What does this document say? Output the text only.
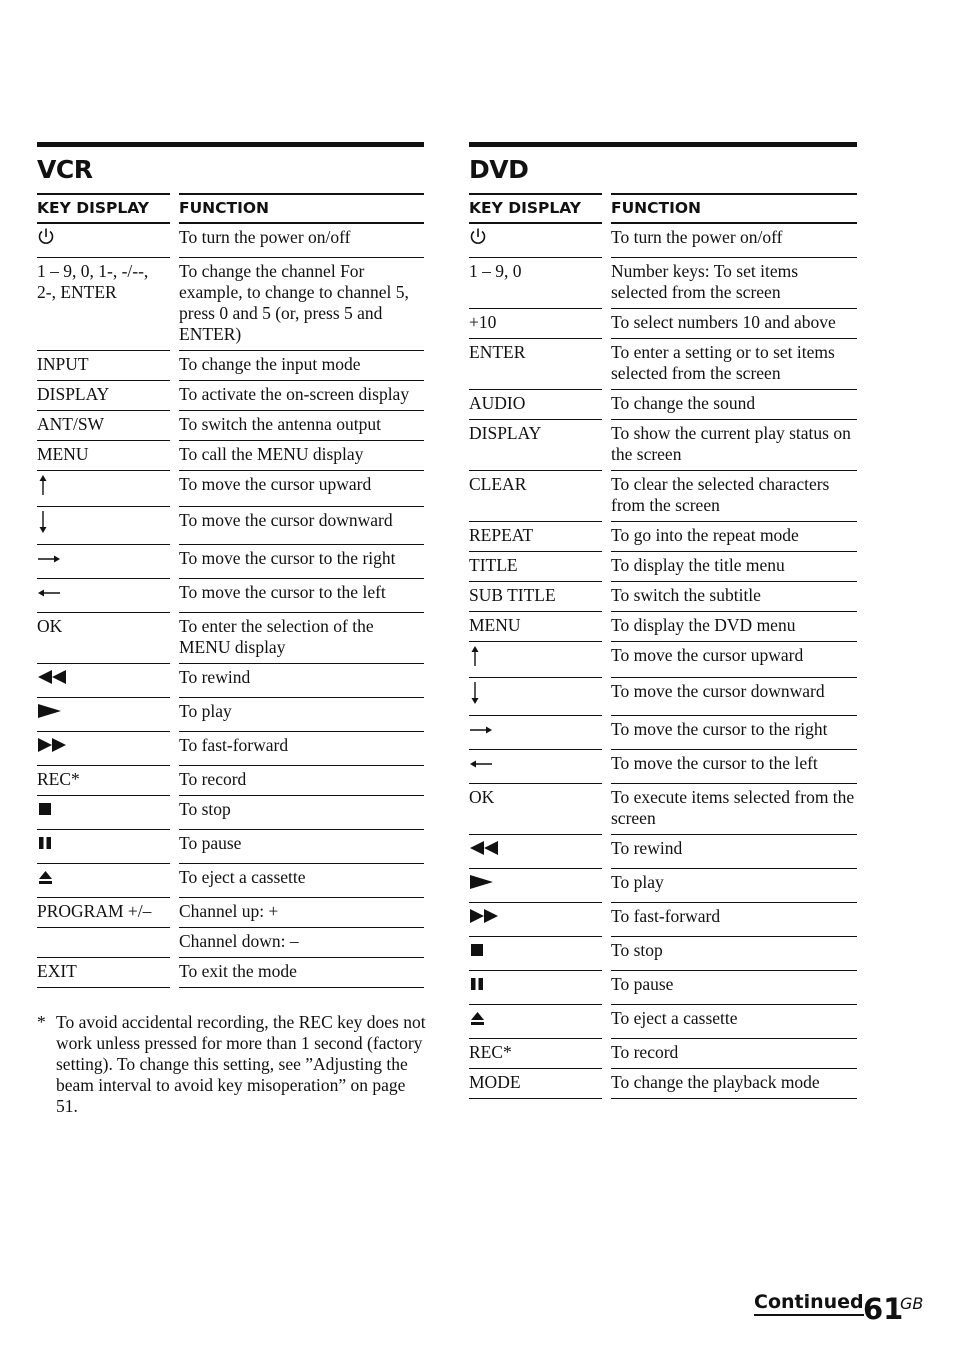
VCR
KEY DISPLAY		FUNCTION
		To turn the power on/off
1 – 9, 0, 1-, -/--, 2-, ENTER		To change the channel For example, to change to channel 5, press 0 and 5 (or, press 5 and ENTER)
INPUT		To change the input mode
DISPLAY		To activate the on-screen display
ANT/SW		To switch the antenna output
MENU		To call the MENU display
		To move the cursor upward
		To move the cursor downward
		To move the cursor to the right
		To move the cursor to the left
OK		To enter the selection of the MENU display
		To rewind
		To play
		To fast-forward
REC*		To record
		To stop
		To pause
		To eject a cassette
PROGRAM +/–		Channel up: +
		Channel down: –
EXIT		To exit the mode
DVD
KEY DISPLAY		FUNCTION
		To turn the power on/off
1 – 9, 0		Number keys: To set items selected from the screen
+10		To select numbers 10 and above
ENTER		To enter a setting or to set items selected from the screen
AUDIO		To change the sound
DISPLAY		To show the current play status on the screen
CLEAR		To clear the selected characters from the screen
REPEAT		To go into the repeat mode
TITLE		To display the title menu
SUB TITLE		To switch the subtitle
MENU		To display the DVD menu
		To move the cursor upward
		To move the cursor downward
		To move the cursor to the right
		To move the cursor to the left
OK		To execute items selected from the screen
		To rewind
		To play
		To fast-forward
		To stop
		To pause
		To eject a cassette
REC*		To record
MODE		To change the playback mode
* To avoid accidental recording, the REC key does not work unless pressed for more than 1 second (factory setting). To change this setting, see ”Adjusting the beam interval to avoid key misoperation” on page 51.
Continued 61
GB
